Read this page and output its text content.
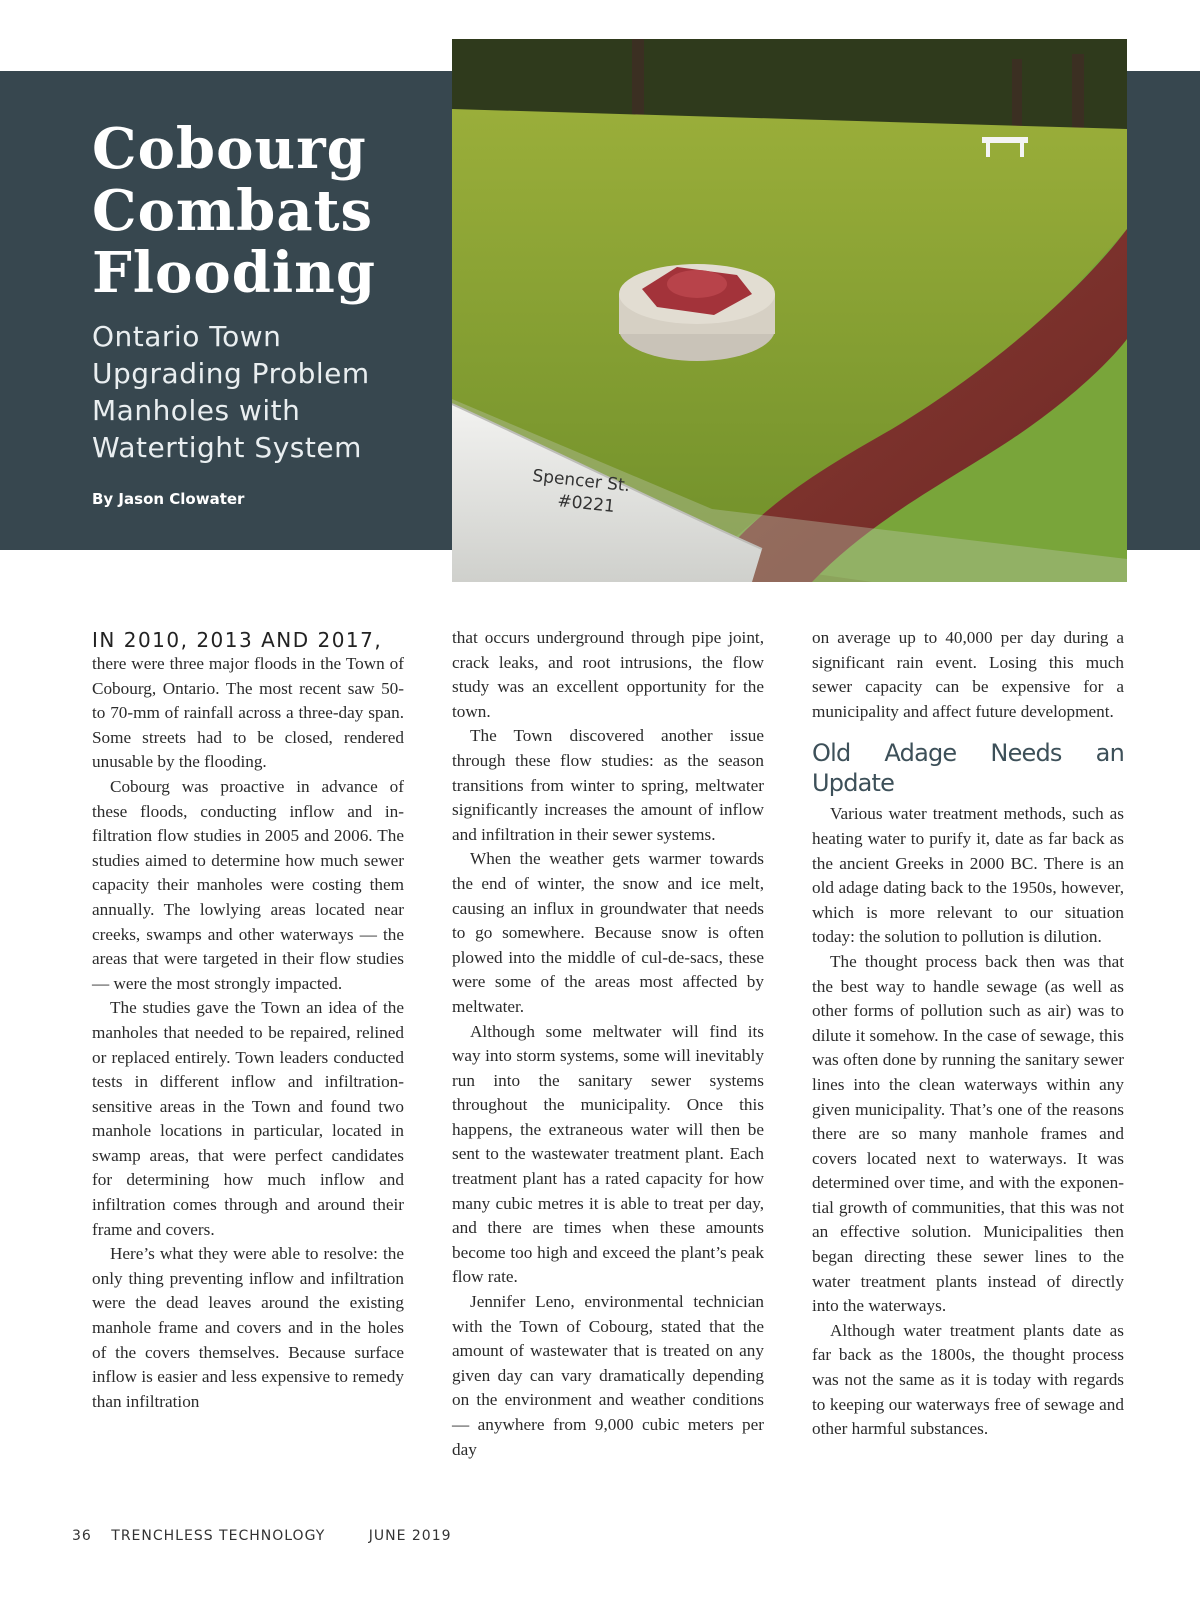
Cobourg
Combats
Flooding
Ontario Town Upgrading Problem Manholes with Watertight System
By Jason Clowater
Spencer St.
#0221

IN 2010, 2013 AND 2017,
there were three major floods in the Town of Cobourg, Ontario. The most recent saw 50- to 70-mm of rainfall across a three-day span. Some streets had to be closed, rendered unusable by the flooding.

Cobourg was proactive in advance of these floods, conducting inflow and infiltration flow studies in 2005 and 2006. The studies aimed to determine how much sewer capacity their manholes were costing them annually. The lowlying areas located near creeks, swamps and other waterways — the areas that were targeted in their flow studies — were the most strongly impacted.

The studies gave the Town an idea of the manholes that needed to be repaired, relined or replaced entirely. Town leaders conducted tests in different inflow and infiltration-sensitive areas in the Town and found two manhole locations in particular, located in swamp areas, that were perfect candidates for determining how much inflow and infiltration comes through and around their frame and covers.

Here’s what they were able to resolve: the only thing preventing inflow and infiltration were the dead leaves around the existing manhole frame and covers and in the holes of the covers themselves. Because surface inflow is easier and less expensive to remedy than infiltration

that occurs underground through pipe joint, crack leaks, and root intrusions, the flow study was an excellent opportunity for the town.

The Town discovered another issue through these flow studies: as the season transitions from winter to spring, meltwater significantly increases the amount of inflow and infiltration in their sewer systems.

When the weather gets warmer towards the end of winter, the snow and ice melt, causing an influx in groundwater that needs to go somewhere. Because snow is often plowed into the middle of cul-de-sacs, these were some of the areas most affected by meltwater.

Although some meltwater will find its way into storm systems, some will inevitably run into the sanitary sewer systems throughout the municipality. Once this happens, the extraneous water will then be sent to the wastewater treatment plant. Each treatment plant has a rated capacity for how many cubic metres it is able to treat per day, and there are times when these amounts become too high and exceed the plant’s peak flow rate.

Jennifer Leno, environmental technician with the Town of Cobourg, stated that the amount of wastewater that is treated on any given day can vary dramatically depending on the environment and weather conditions — anywhere from 9,000 cubic meters per day

on average up to 40,000 per day during a significant rain event. Losing this much sewer capacity can be expensive for a municipality and affect future development.

Old Adage Needs an Update

Various water treatment methods, such as heating water to purify it, date as far back as the ancient Greeks in 2000 BC. There is an old adage dating back to the 1950s, however, which is more relevant to our situation today: the solution to pollution is dilution.

The thought process back then was that the best way to handle sewage (as well as other forms of pollution such as air) was to dilute it somehow. In the case of sewage, this was often done by running the sanitary sewer lines into the clean waterways within any given municipality. That’s one of the reasons there are so many manhole frames and covers located next to waterways. It was determined over time, and with the exponential growth of communities, that this was not an effective solution. Municipalities then began directing these sewer lines to the water treatment plants instead of directly into the waterways.

Although water treatment plants date as far back as the 1800s, the thought process was not the same as it is today with regards to keeping our waterways free of sewage and other harmful substances.

36 TRENCHLESS TECHNOLOGY	JUNE 2019
